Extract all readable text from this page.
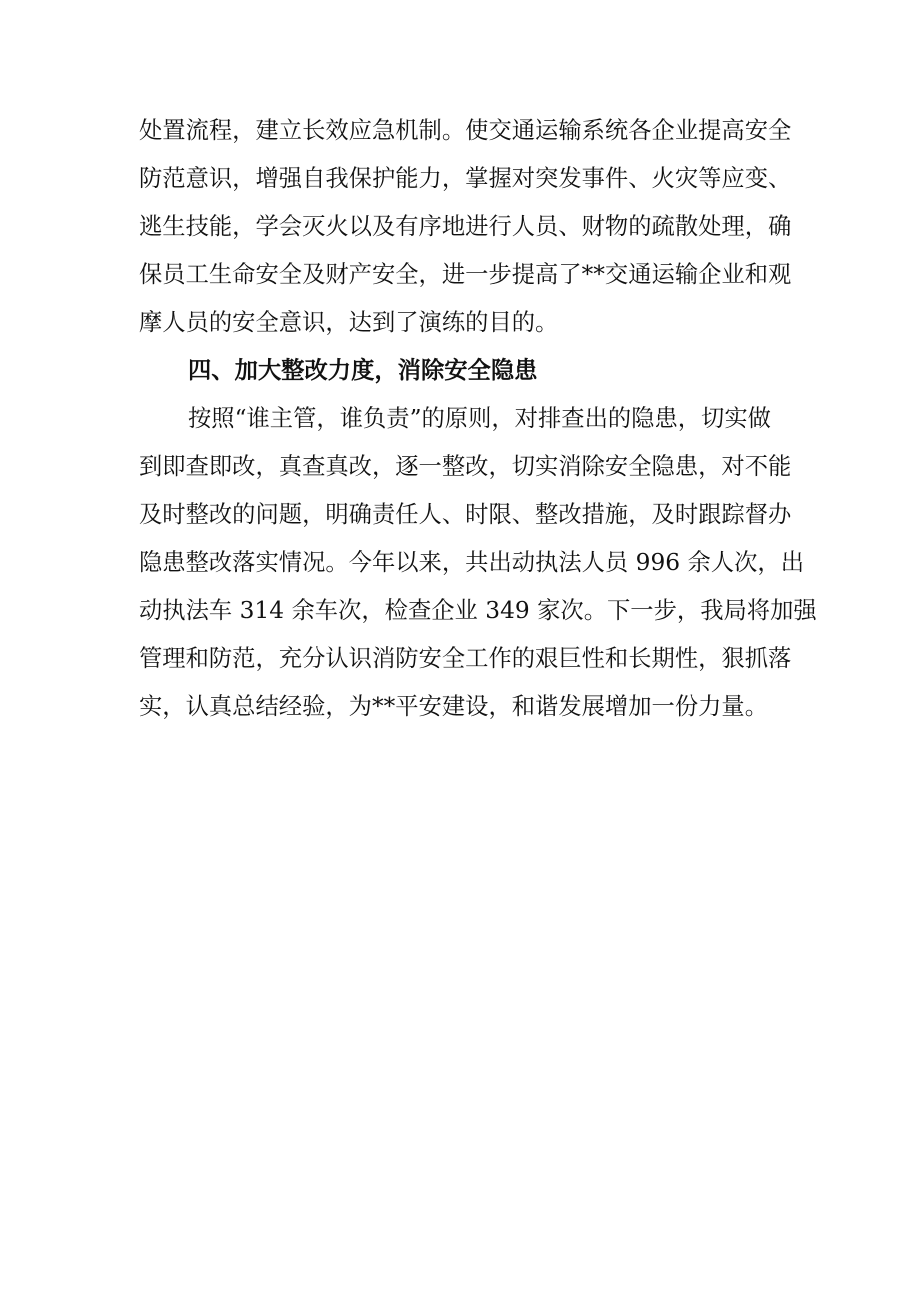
处置流程，建立长效应急机制。使交通运输系统各企业提高安全
防范意识，增强自我保护能力，掌握对突发事件、火灾等应变、
逃生技能，学会灭火以及有序地进行人员、财物的疏散处理，确
保员工生命安全及财产安全，进一步提高了**交通运输企业和观
摩人员的安全意识，达到了演练的目的。
四、加大整改力度，消除安全隐患
按照“谁主管，谁负责”的原则，对排查出的隐患，切实做
到即查即改，真查真改，逐一整改，切实消除安全隐患，对不能
及时整改的问题，明确责任人、时限、整改措施，及时跟踪督办
隐患整改落实情况。今年以来，共出动执法人员 996 余人次，出
动执法车 314 余车次，检查企业 349 家次。下一步，我局将加强
管理和防范，充分认识消防安全工作的艰巨性和长期性，狠抓落
实，认真总结经验，为**平安建设，和谐发展增加一份力量。
